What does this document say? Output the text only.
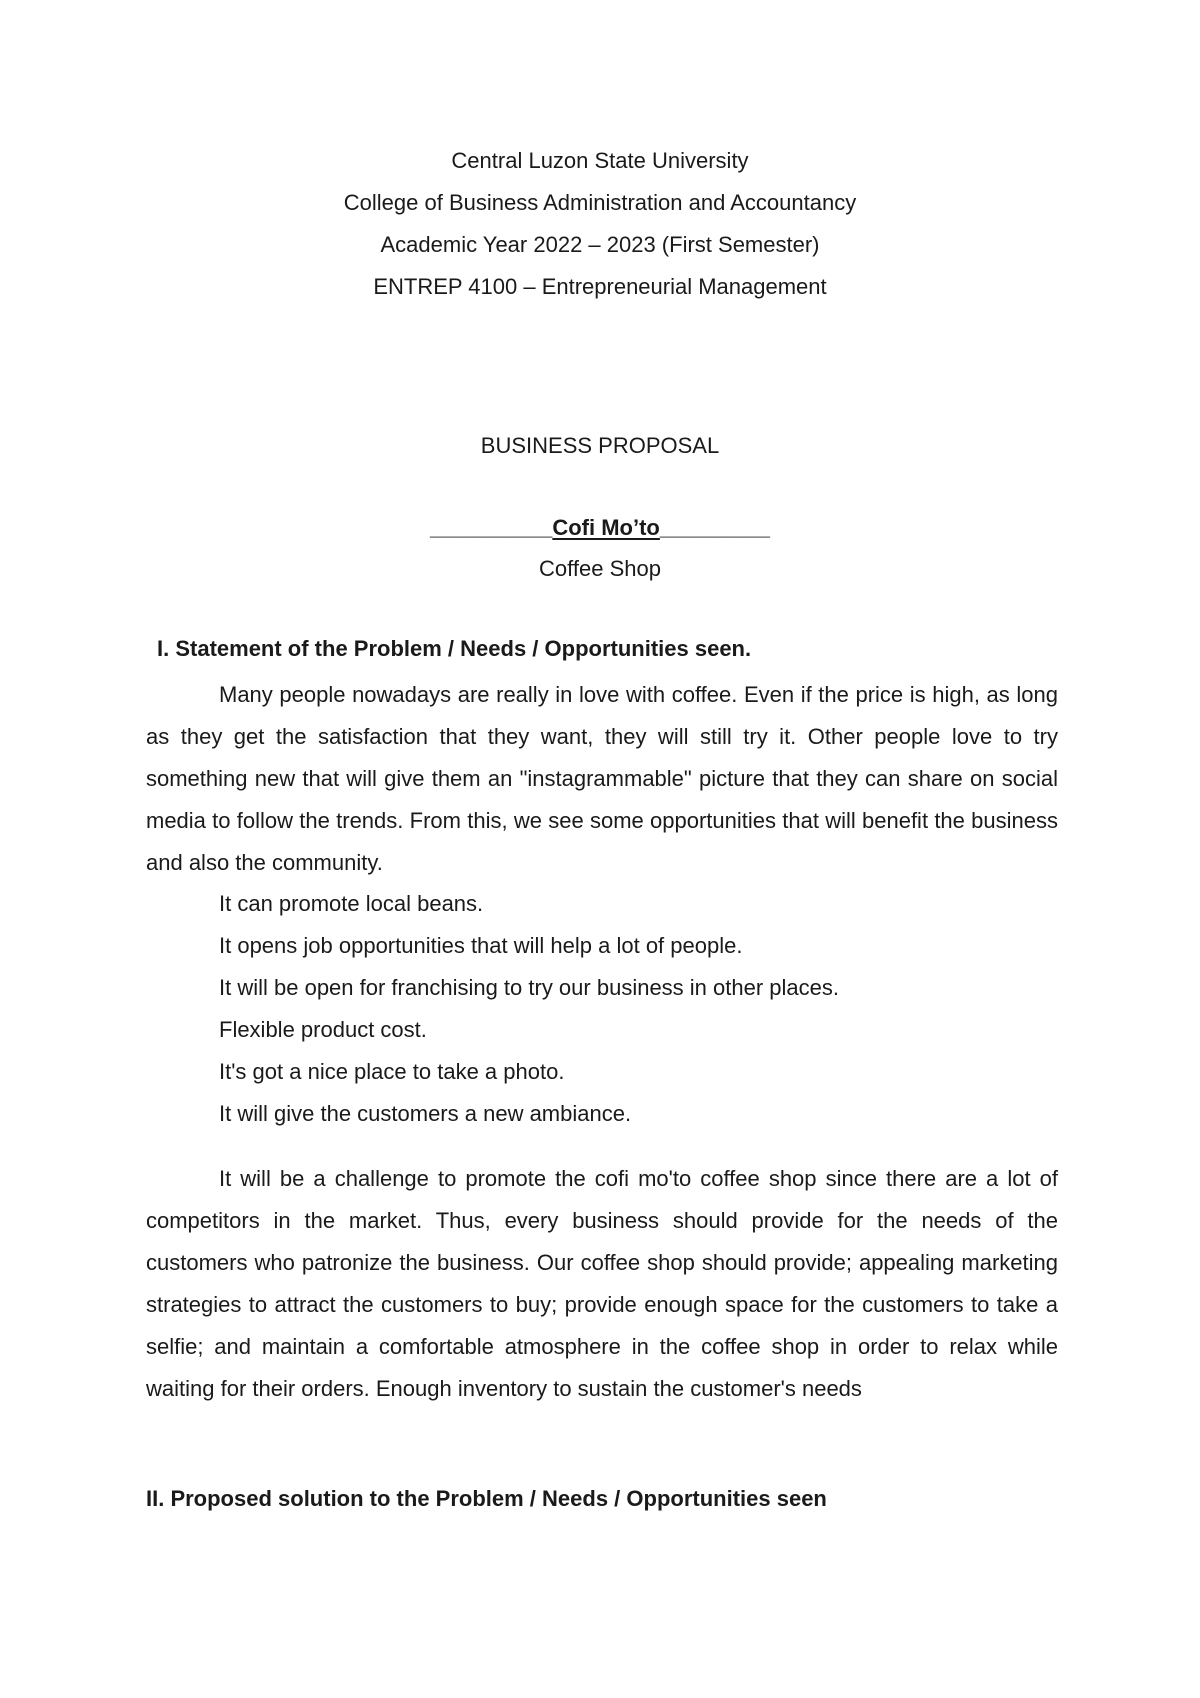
Central Luzon State University
College of Business Administration and Accountancy
Academic Year 2022 – 2023 (First Semester)
ENTREP 4100 – Entrepreneurial Management
BUSINESS PROPOSAL
__________Cofi Mo’to_________
Coffee Shop
I. Statement of the Problem / Needs / Opportunities seen.

Many people nowadays are really in love with coffee. Even if the price is high, as long as they get the satisfaction that they want, they will still try it. Other people love to try something new that will give them an "instagrammable" picture that they can share on social media to follow the trends. From this, we see some opportunities that will benefit the business and also the community.

It can promote local beans.
It opens job opportunities that will help a lot of people.
It will be open for franchising to try our business in other places.
Flexible product cost.
It's got a nice place to take a photo.
It will give the customers a new ambiance.

It will be a challenge to promote the cofi mo'to coffee shop since there are a lot of competitors in the market. Thus, every business should provide for the needs of the customers who patronize the business. Our coffee shop should provide; appealing marketing strategies to attract the customers to buy; provide enough space for the customers to take a selfie; and maintain a comfortable atmosphere in the coffee shop in order to relax while waiting for their orders. Enough inventory to sustain the customer's needs

II. Proposed solution to the Problem / Needs / Opportunities seen
